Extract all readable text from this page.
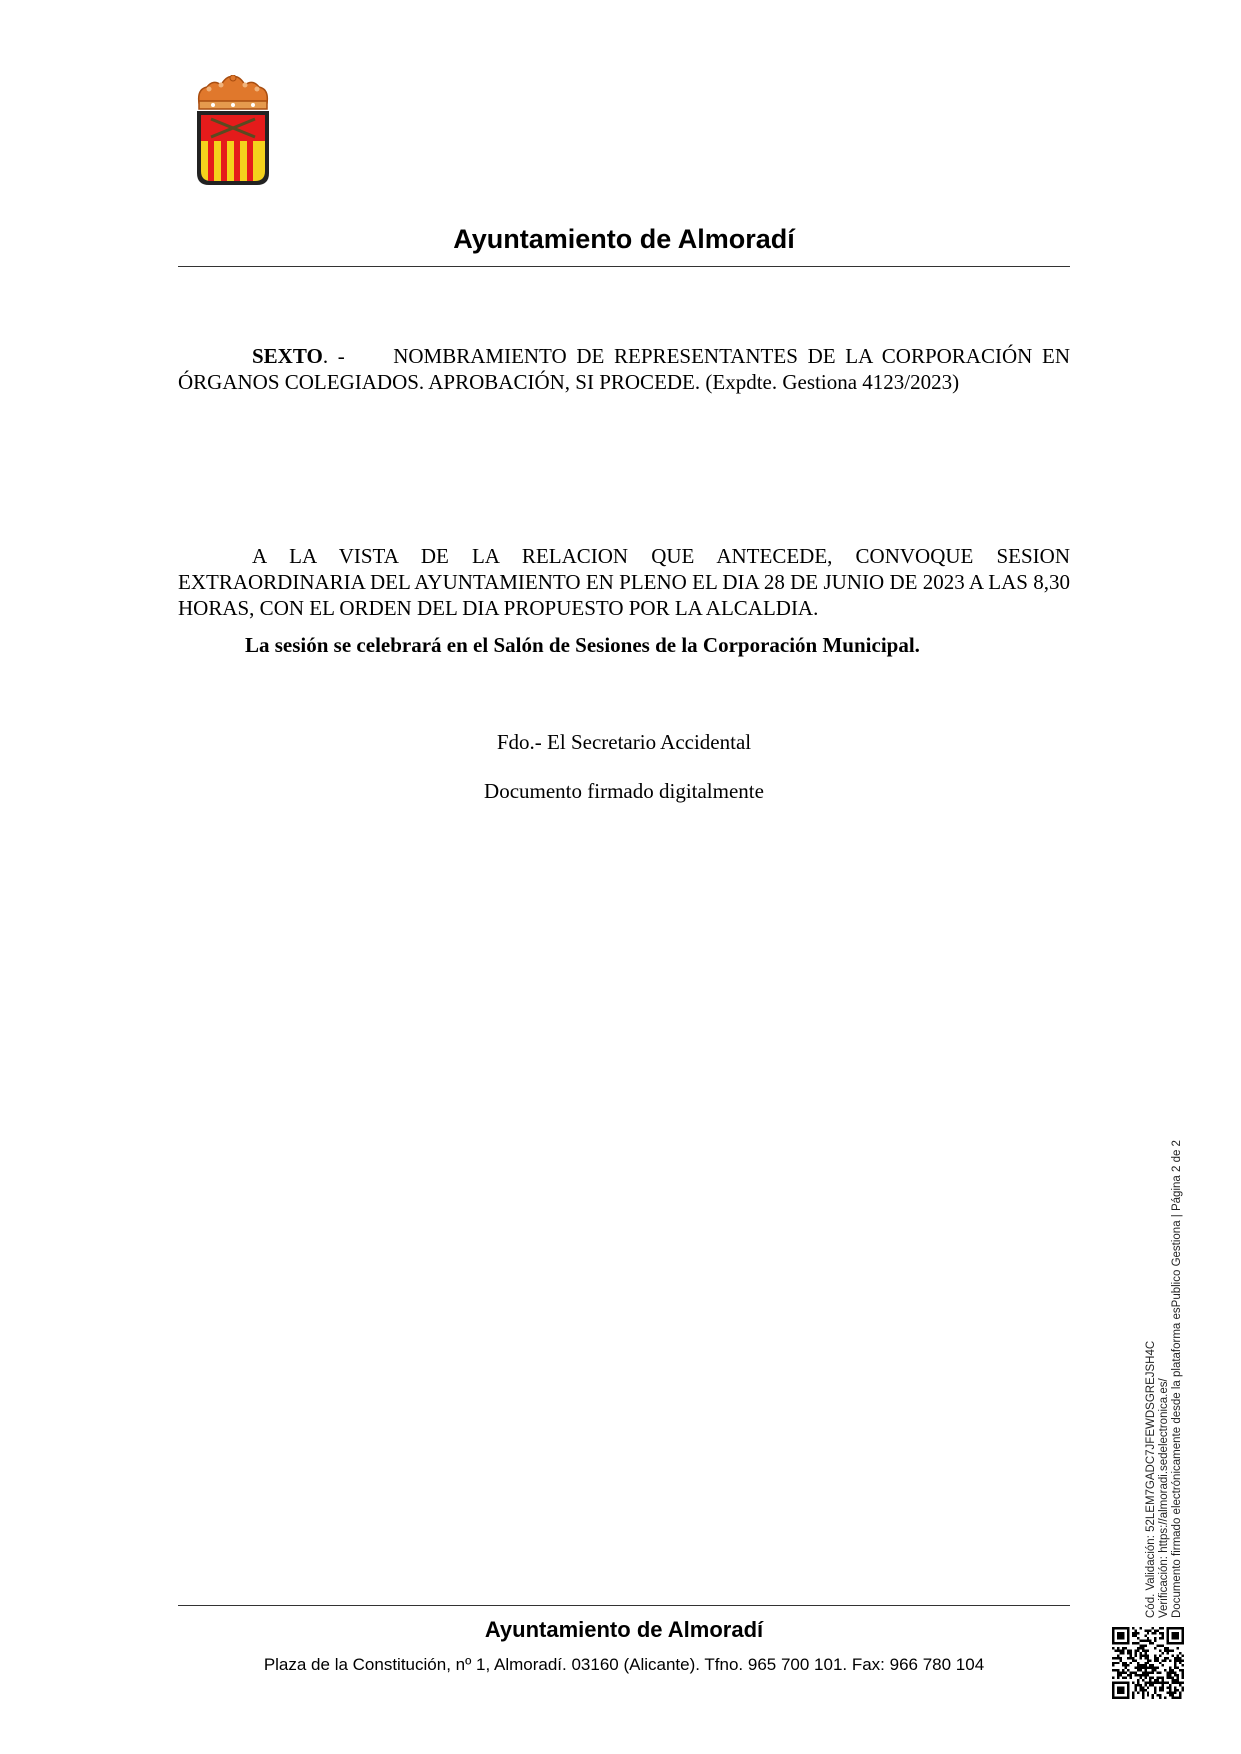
Ayuntamiento de Almoradí

SEXTO. - NOMBRAMIENTO DE REPRESENTANTES DE LA CORPORACIÓN EN ÓRGANOS COLEGIADOS. APROBACIÓN, SI PROCEDE. (Expdte. Gestiona 4123/2023)

A LA VISTA DE LA RELACION QUE ANTECEDE, CONVOQUE SESION EXTRAORDINARIA DEL AYUNTAMIENTO EN PLENO EL DIA 28 DE JUNIO DE 2023 A LAS 8,30 HORAS, CON EL ORDEN DEL DIA PROPUESTO POR LA ALCALDIA.

La sesión se celebrará en el Salón de Sesiones de la Corporación Municipal.
Fdo.- El Secretario Accidental
Documento firmado digitalmente
Cód. Validación: 52LEM7GADC7JFEWDSGREJSH4C Verificación: https://almoradi.sedelectronica.es/ Documento firmado electrónicamente desde la plataforma esPublico Gestiona | Página 2 de 2
Ayuntamiento de Almoradí
Plaza de la Constitución, nº 1, Almoradí. 03160 (Alicante). Tfno. 965 700 101. Fax: 966 780 104
